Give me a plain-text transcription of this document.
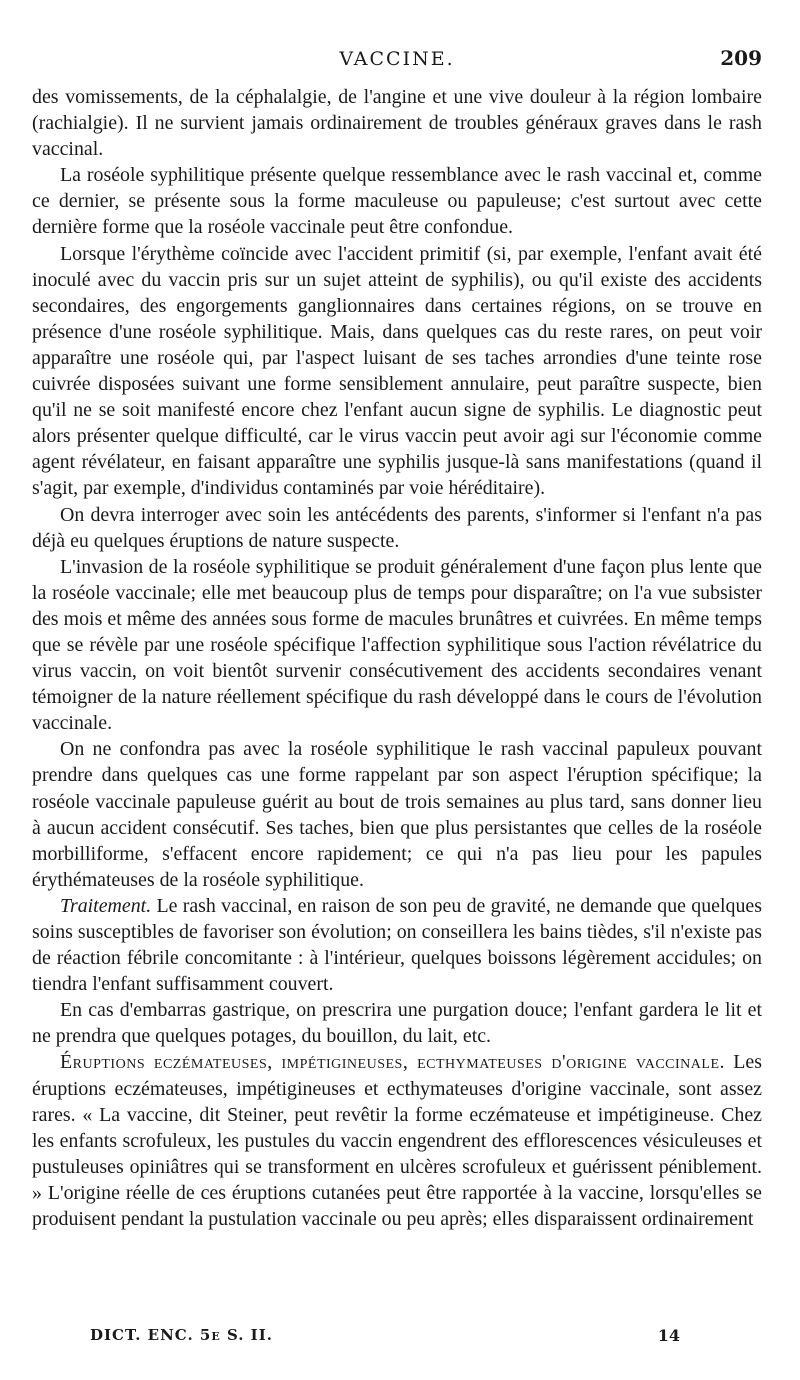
VACCINE.	209

des vomissements, de la céphalalgie, de l'angine et une vive douleur à la région lombaire (rachialgie). Il ne survient jamais ordinairement de troubles généraux graves dans le rash vaccinal.

La roséole syphilitique présente quelque ressemblance avec le rash vaccinal et, comme ce dernier, se présente sous la forme maculeuse ou papuleuse; c'est surtout avec cette dernière forme que la roséole vaccinale peut être confondue.

Lorsque l'érythème coïncide avec l'accident primitif (si, par exemple, l'enfant avait été inoculé avec du vaccin pris sur un sujet atteint de syphilis), ou qu'il existe des accidents secondaires, des engorgements ganglionnaires dans certaines régions, on se trouve en présence d'une roséole syphilitique. Mais, dans quelques cas du reste rares, on peut voir apparaître une roséole qui, par l'aspect luisant de ses taches arrondies d'une teinte rose cuivrée disposées suivant une forme sensiblement annulaire, peut paraître suspecte, bien qu'il ne se soit manifesté encore chez l'enfant aucun signe de syphilis. Le diagnostic peut alors présenter quelque difficulté, car le virus vaccin peut avoir agi sur l'économie comme agent révélateur, en faisant apparaître une syphilis jusque-là sans manifestations (quand il s'agit, par exemple, d'individus contaminés par voie héréditaire).

On devra interroger avec soin les antécédents des parents, s'informer si l'enfant n'a pas déjà eu quelques éruptions de nature suspecte.

L'invasion de la roséole syphilitique se produit généralement d'une façon plus lente que la roséole vaccinale; elle met beaucoup plus de temps pour disparaître; on l'a vue subsister des mois et même des années sous forme de macules brunâtres et cuivrées. En même temps que se révèle par une roséole spécifique l'affection syphilitique sous l'action révélatrice du virus vaccin, on voit bientôt survenir consécutivement des accidents secondaires venant témoigner de la nature réellement spécifique du rash développé dans le cours de l'évolution vaccinale.

On ne confondra pas avec la roséole syphilitique le rash vaccinal papuleux pouvant prendre dans quelques cas une forme rappelant par son aspect l'éruption spécifique; la roséole vaccinale papuleuse guérit au bout de trois semaines au plus tard, sans donner lieu à aucun accident consécutif. Ses taches, bien que plus persistantes que celles de la roséole morbilliforme, s'effacent encore rapidement; ce qui n'a pas lieu pour les papules érythémateuses de la roséole syphilitique.

Traitement. Le rash vaccinal, en raison de son peu de gravité, ne demande que quelques soins susceptibles de favoriser son évolution; on conseillera les bains tièdes, s'il n'existe pas de réaction fébrile concomitante : à l'intérieur, quelques boissons légèrement accidules; on tiendra l'enfant suffisamment couvert.

En cas d'embarras gastrique, on prescrira une purgation douce; l'enfant gardera le lit et ne prendra que quelques potages, du bouillon, du lait, etc.

Éruptions eczémateuses, impétigineuses, ecthymateuses d'origine vaccinale. Les éruptions eczémateuses, impétigineuses et ecthymateuses d'origine vaccinale, sont assez rares. « La vaccine, dit Steiner, peut revêtir la forme eczémateuse et impétigineuse. Chez les enfants scrofuleux, les pustules du vaccin engendrent des efflorescences vésiculeuses et pustuleuses opiniâtres qui se transforment en ulcères scrofuleux et guérissent péniblement. » L'origine réelle de ces éruptions cutanées peut être rapportée à la vaccine, lorsqu'elles se produisent pendant la pustulation vaccinale ou peu après; elles disparaissent ordinairement

DICT. ENC. 5e S. II.	14
